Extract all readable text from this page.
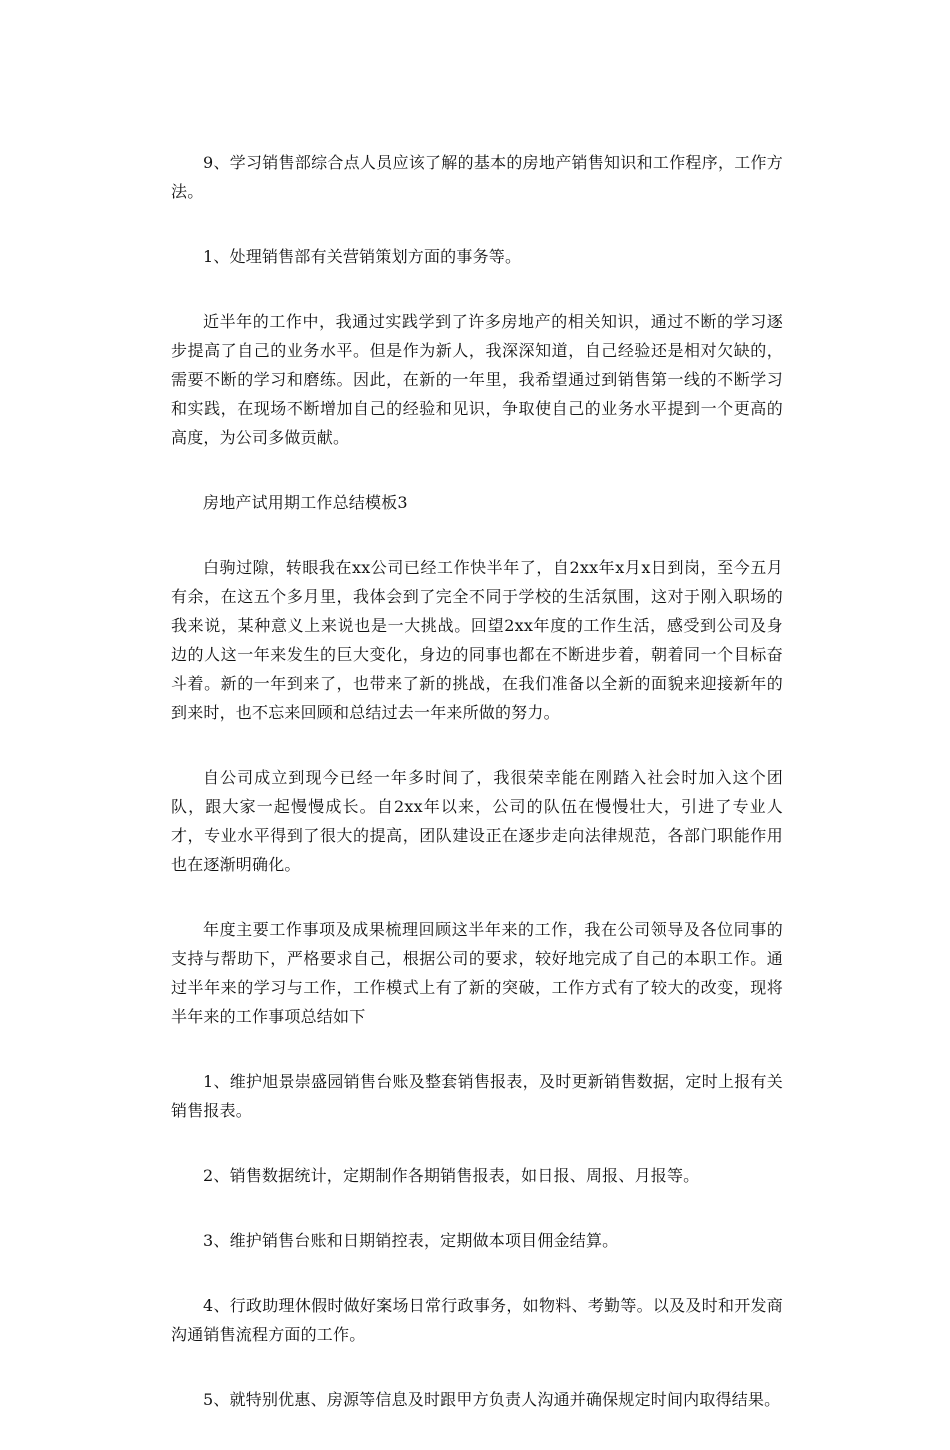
9、学习销售部综合点人员应该了解的基本的房地产销售知识和工作程序，工作方法。

1、处理销售部有关营销策划方面的事务等。

近半年的工作中，我通过实践学到了许多房地产的相关知识，通过不断的学习逐步提高了自己的业务水平。但是作为新人，我深深知道，自己经验还是相对欠缺的，需要不断的学习和磨练。因此，在新的一年里，我希望通过到销售第一线的不断学习和实践，在现场不断增加自己的经验和见识，争取使自己的业务水平提到一个更高的高度，为公司多做贡献。

房地产试用期工作总结模板3

白驹过隙，转眼我在xx公司已经工作快半年了，自2xx年x月x日到岗，至今五月有余，在这五个多月里，我体会到了完全不同于学校的生活氛围，这对于刚入职场的我来说，某种意义上来说也是一大挑战。回望2xx年度的工作生活，感受到公司及身边的人这一年来发生的巨大变化，身边的同事也都在不断进步着，朝着同一个目标奋斗着。新的一年到来了，也带来了新的挑战，在我们准备以全新的面貌来迎接新年的到来时，也不忘来回顾和总结过去一年来所做的努力。

自公司成立到现今已经一年多时间了，我很荣幸能在刚踏入社会时加入这个团队，跟大家一起慢慢成长。自2xx年以来，公司的队伍在慢慢壮大，引进了专业人才，专业水平得到了很大的提高，团队建设正在逐步走向法律规范，各部门职能作用也在逐渐明确化。

年度主要工作事项及成果梳理回顾这半年来的工作，我在公司领导及各位同事的支持与帮助下，严格要求自己，根据公司的要求，较好地完成了自己的本职工作。通过半年来的学习与工作，工作模式上有了新的突破，工作方式有了较大的改变，现将半年来的工作事项总结如下

1、维护旭景崇盛园销售台账及整套销售报表，及时更新销售数据，定时上报有关销售报表。

2、销售数据统计，定期制作各期销售报表，如日报、周报、月报等。

3、维护销售台账和日期销控表，定期做本项目佣金结算。

4、行政助理休假时做好案场日常行政事务，如物料、考勤等。以及及时和开发商沟通销售流程方面的工作。

5、就特别优惠、房源等信息及时跟甲方负责人沟通并确保规定时间内取得结果。
